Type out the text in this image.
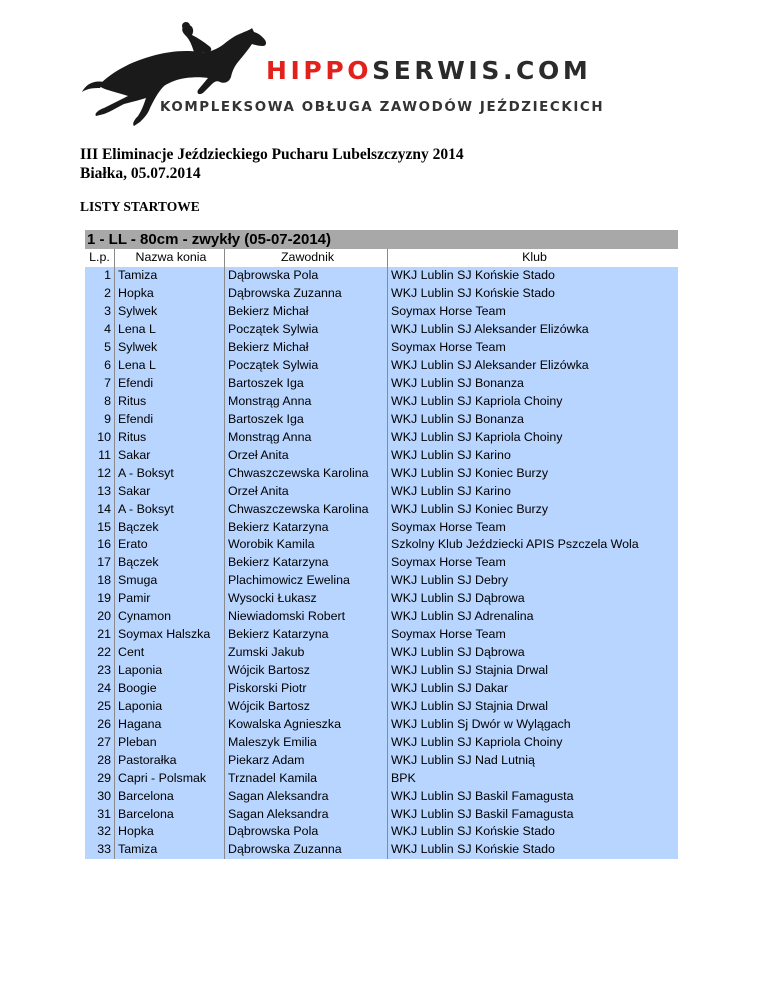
HIPPOSERWIS.COM
KOMPLEKSOWA OBŁUGA ZAWODÓW JEŹDZIECKICH
III Eliminacje Jeździeckiego Pucharu Lubelszczyzny 2014
Białka, 05.07.2014
LISTY STARTOWE
1 - LL - 80cm - zwykły (05-07-2014)
L.p.	Nazwa konia	Zawodnik	Klub
1	Tamiza	Dąbrowska Pola	WKJ Lublin SJ Końskie Stado
2	Hopka	Dąbrowska Zuzanna	WKJ Lublin SJ Końskie Stado
3	Sylwek	Bekierz Michał	Soymax Horse Team
4	Lena L	Początek Sylwia	WKJ Lublin SJ Aleksander Elizówka
5	Sylwek	Bekierz Michał	Soymax Horse Team
6	Lena L	Początek Sylwia	WKJ Lublin SJ Aleksander Elizówka
7	Efendi	Bartoszek Iga	WKJ Lublin SJ Bonanza
8	Ritus	Monstrąg Anna	WKJ Lublin SJ Kapriola Choiny
9	Efendi	Bartoszek Iga	WKJ Lublin SJ Bonanza
10	Ritus	Monstrąg Anna	WKJ Lublin SJ Kapriola Choiny
11	Sakar	Orzeł Anita	WKJ Lublin SJ Karino
12	A - Boksyt	Chwaszczewska Karolina	WKJ Lublin SJ Koniec Burzy
13	Sakar	Orzeł Anita	WKJ Lublin SJ Karino
14	A - Boksyt	Chwaszczewska Karolina	WKJ Lublin SJ Koniec Burzy
15	Bączek	Bekierz Katarzyna	Soymax Horse Team
16	Erato	Worobik Kamila	Szkolny Klub Jeździecki APIS Pszczela Wola
17	Bączek	Bekierz Katarzyna	Soymax Horse Team
18	Smuga	Plachimowicz Ewelina	WKJ Lublin SJ Debry
19	Pamir	Wysocki Łukasz	WKJ Lublin SJ Dąbrowa
20	Cynamon	Niewiadomski Robert	WKJ Lublin SJ Adrenalina
21	Soymax Halszka	Bekierz Katarzyna	Soymax Horse Team
22	Cent	Zumski Jakub	WKJ Lublin SJ Dąbrowa
23	Laponia	Wójcik Bartosz	WKJ Lublin SJ Stajnia Drwal
24	Boogie	Piskorski Piotr	WKJ Lublin SJ Dakar
25	Laponia	Wójcik Bartosz	WKJ Lublin SJ Stajnia Drwal
26	Hagana	Kowalska Agnieszka	WKJ Lublin Sj Dwór w Wylągach
27	Pleban	Maleszyk Emilia	WKJ Lublin SJ Kapriola Choiny
28	Pastorałka	Piekarz Adam	WKJ Lublin SJ Nad Lutnią
29	Capri - Polsmak	Trznadel Kamila	BPK
30	Barcelona	Sagan Aleksandra	WKJ Lublin SJ Baskil Famagusta
31	Barcelona	Sagan Aleksandra	WKJ Lublin SJ Baskil Famagusta
32	Hopka	Dąbrowska Pola	WKJ Lublin SJ Końskie Stado
33	Tamiza	Dąbrowska Zuzanna	WKJ Lublin SJ Końskie Stado
